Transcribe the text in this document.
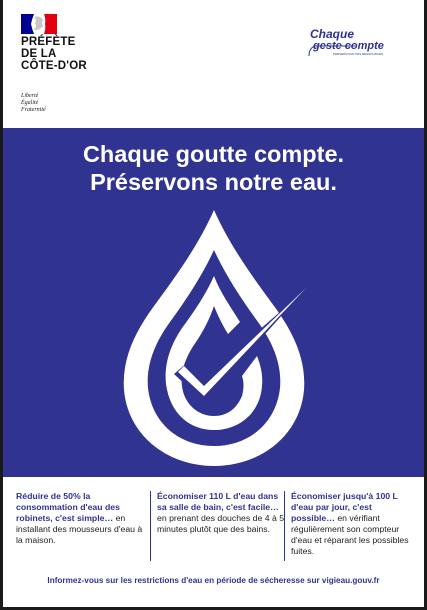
PRÉFÈTE
DE LA
CÔTE-D'OR
Liberté
Égalité
Fraternité
Chaque
geste compte
PRÉSERVONS NOS RESSOURCES
Chaque goutte compte.
Préservons notre eau.
Réduire de 50% la consommation d'eau des robinets, c'est simple… en installant des mousseurs d'eau à la maison.
Économiser 110 L d'eau dans sa salle de bain, c'est facile… en prenant des douches de 4 à 5 minutes plutôt que des bains.
Économiser jusqu'à 100 L d'eau par jour, c'est possible… en vérifiant régulièrement son compteur d'eau et réparant les possibles fuites.
Informez-vous sur les restrictions d'eau en période de sécheresse sur vigieau.gouv.fr
